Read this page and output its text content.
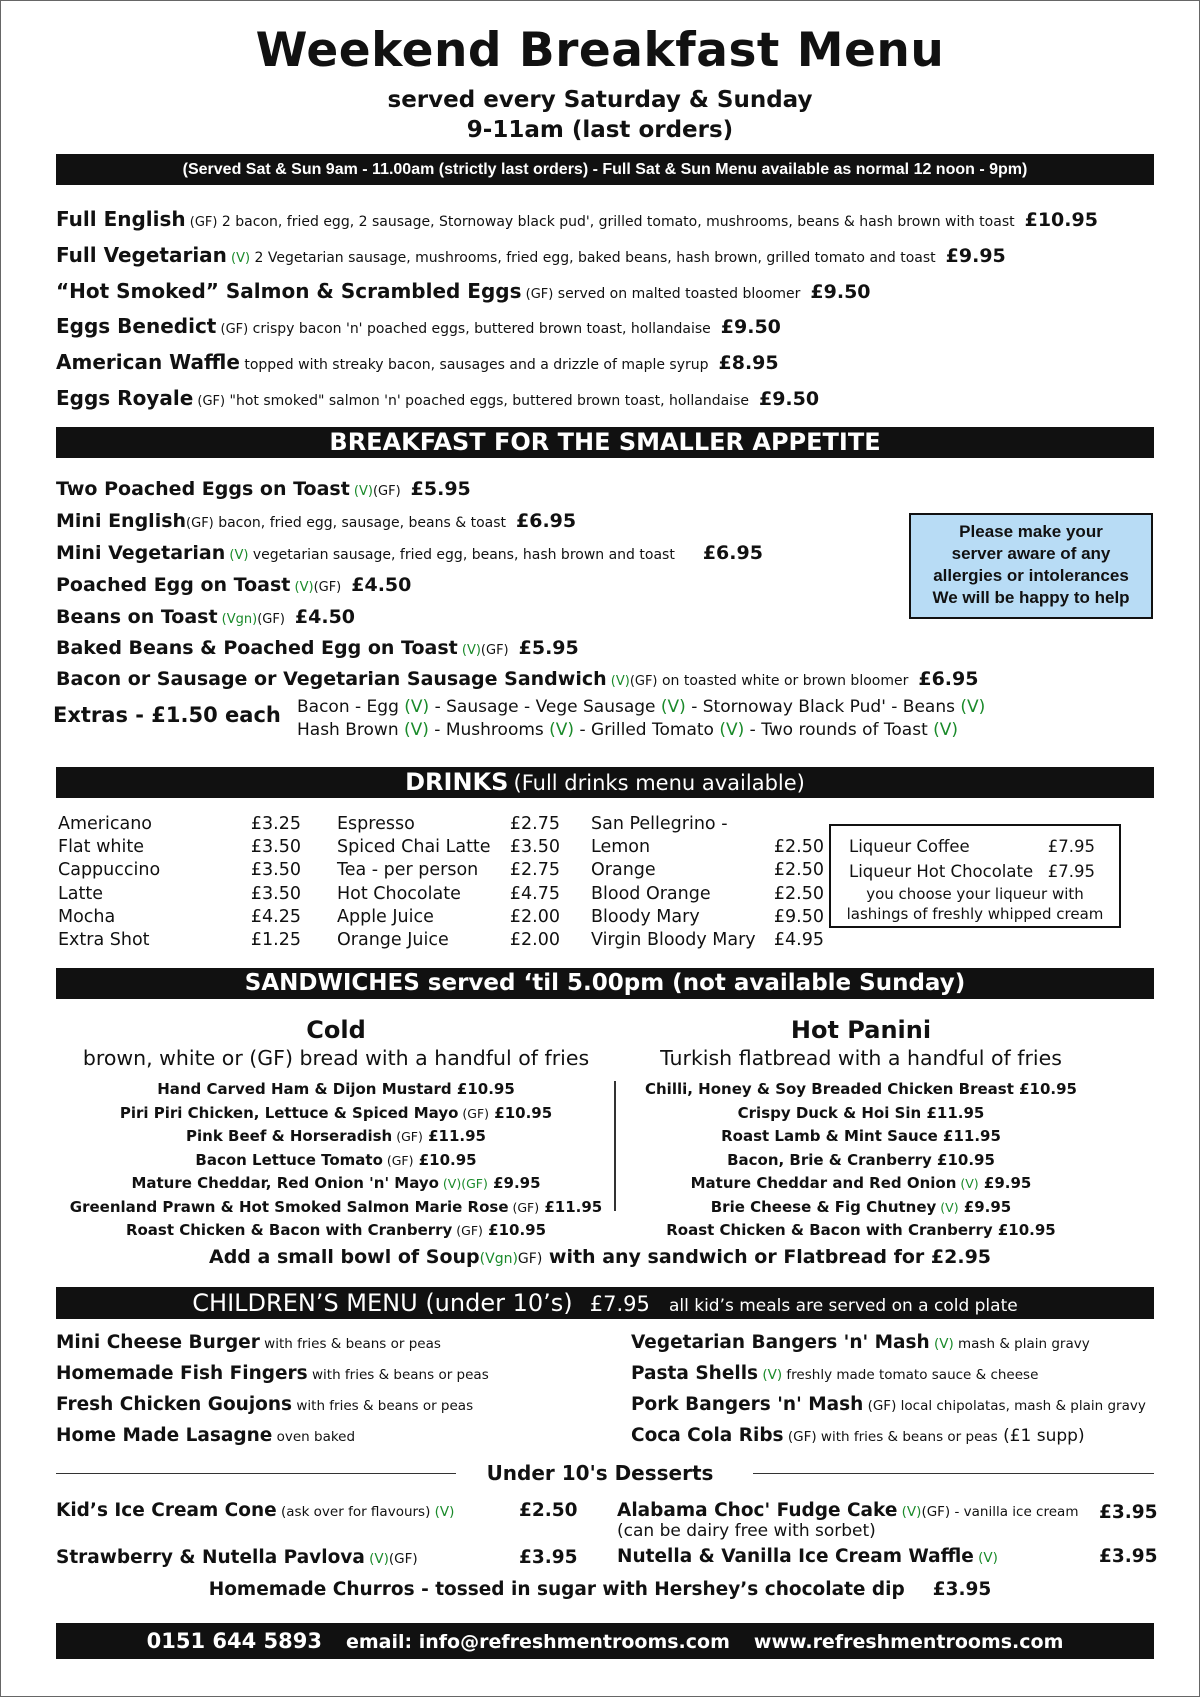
Weekend Breakfast Menu
served every Saturday & Sunday
9-11am (last orders)
(Served Sat & Sun 9am - 11.00am (strictly last orders) - Full Sat & Sun Menu available as normal 12 noon - 9pm)
Full English (GF) 2 bacon, fried egg, 2 sausage, Stornoway black pud', grilled tomato, mushrooms, beans & hash brown with toast £10.95
Full Vegetarian (V) 2 Vegetarian sausage, mushrooms, fried egg, baked beans, hash brown, grilled tomato and toast £9.95
“Hot Smoked” Salmon & Scrambled Eggs (GF) served on malted toasted bloomer £9.50
Eggs Benedict (GF) crispy bacon 'n' poached eggs, buttered brown toast, hollandaise £9.50
American Waffle topped with streaky bacon, sausages and a drizzle of maple syrup £8.95
Eggs Royale (GF) "hot smoked" salmon 'n' poached eggs, buttered brown toast, hollandaise £9.50
BREAKFAST FOR THE SMALLER APPETITE
Two Poached Eggs on Toast (V)(GF) £5.95
Mini English(GF) bacon, fried egg, sausage, beans & toast £6.95
Mini Vegetarian (V) vegetarian sausage, fried egg, beans, hash brown and toast £6.95
Poached Egg on Toast (V)(GF) £4.50
Beans on Toast (Vgn)(GF) £4.50
Baked Beans & Poached Egg on Toast (V)(GF) £5.95
Bacon or Sausage or Vegetarian Sausage Sandwich (V)(GF) on toasted white or brown bloomer £6.95
Extras - £1.50 each Bacon - Egg (V) - Sausage - Vege Sausage (V) - Stornoway Black Pud' - Beans (V)
Hash Brown (V) - Mushrooms (V) - Grilled Tomato (V) - Two rounds of Toast (V)
Please make your
server aware of any
allergies or intolerances
We will be happy to help
DRINKS (Full drinks menu available)
Americano	£3.25
Flat white	£3.50
Cappuccino	£3.50
Latte	£3.50
Mocha	£4.25
Extra Shot	£1.25
Espresso	£2.75
Spiced Chai Latte £3.50
Tea - per person £2.75
Hot Chocolate	£4.75
Apple Juice	£2.00
Orange Juice	£2.00
San Pellegrino -
Lemon	£2.50
Orange	£2.50
Blood Orange	£2.50
Bloody Mary	£9.50
Virgin Bloody Mary £4.95
Liqueur Coffee	£7.95
Liqueur Hot Chocolate £7.95
you choose your liqueur with
lashings of freshly whipped cream
SANDWICHES served ‘til 5.00pm (not available Sunday)
Cold
brown, white or (GF) bread with a handful of fries
Hand Carved Ham & Dijon Mustard £10.95
Piri Piri Chicken, Lettuce & Spiced Mayo (GF) £10.95
Pink Beef & Horseradish (GF) £11.95
Bacon Lettuce Tomato (GF) £10.95
Mature Cheddar, Red Onion 'n' Mayo (V)(GF) £9.95
Greenland Prawn & Hot Smoked Salmon Marie Rose (GF) £11.95
Roast Chicken & Bacon with Cranberry (GF) £10.95
Hot Panini
Turkish flatbread with a handful of fries
Chilli, Honey & Soy Breaded Chicken Breast £10.95
Crispy Duck & Hoi Sin £11.95
Roast Lamb & Mint Sauce £11.95
Bacon, Brie & Cranberry £10.95
Mature Cheddar and Red Onion (V) £9.95
Brie Cheese & Fig Chutney (V) £9.95
Roast Chicken & Bacon with Cranberry £10.95
Add a small bowl of Soup(Vgn)GF) with any sandwich or Flatbread for £2.95
CHILDREN’S MENU (under 10’s) £7.95 all kid’s meals are served on a cold plate
Mini Cheese Burger with fries & beans or peas
Homemade Fish Fingers with fries & beans or peas
Fresh Chicken Goujons with fries & beans or peas
Home Made Lasagne oven baked
Vegetarian Bangers 'n' Mash (V) mash & plain gravy
Pasta Shells (V) freshly made tomato sauce & cheese
Pork Bangers 'n' Mash (GF) local chipolatas, mash & plain gravy
Coca Cola Ribs (GF) with fries & beans or peas (£1 supp)
Under 10's Desserts
Kid’s Ice Cream Cone (ask over for flavours) (V)	£2.50 Alabama Choc' Fudge Cake (V)(GF) - vanilla ice cream
(can be dairy free with sorbet)
£3.95
Strawberry & Nutella Pavlova (V)(GF)	£3.95 Nutella & Vanilla Ice Cream Waffle (V)	£3.95
Homemade Churros - tossed in sugar with Hershey’s chocolate dip £3.95
0151 644 5893 email: info@refreshmentrooms.com www.refreshmentrooms.com
